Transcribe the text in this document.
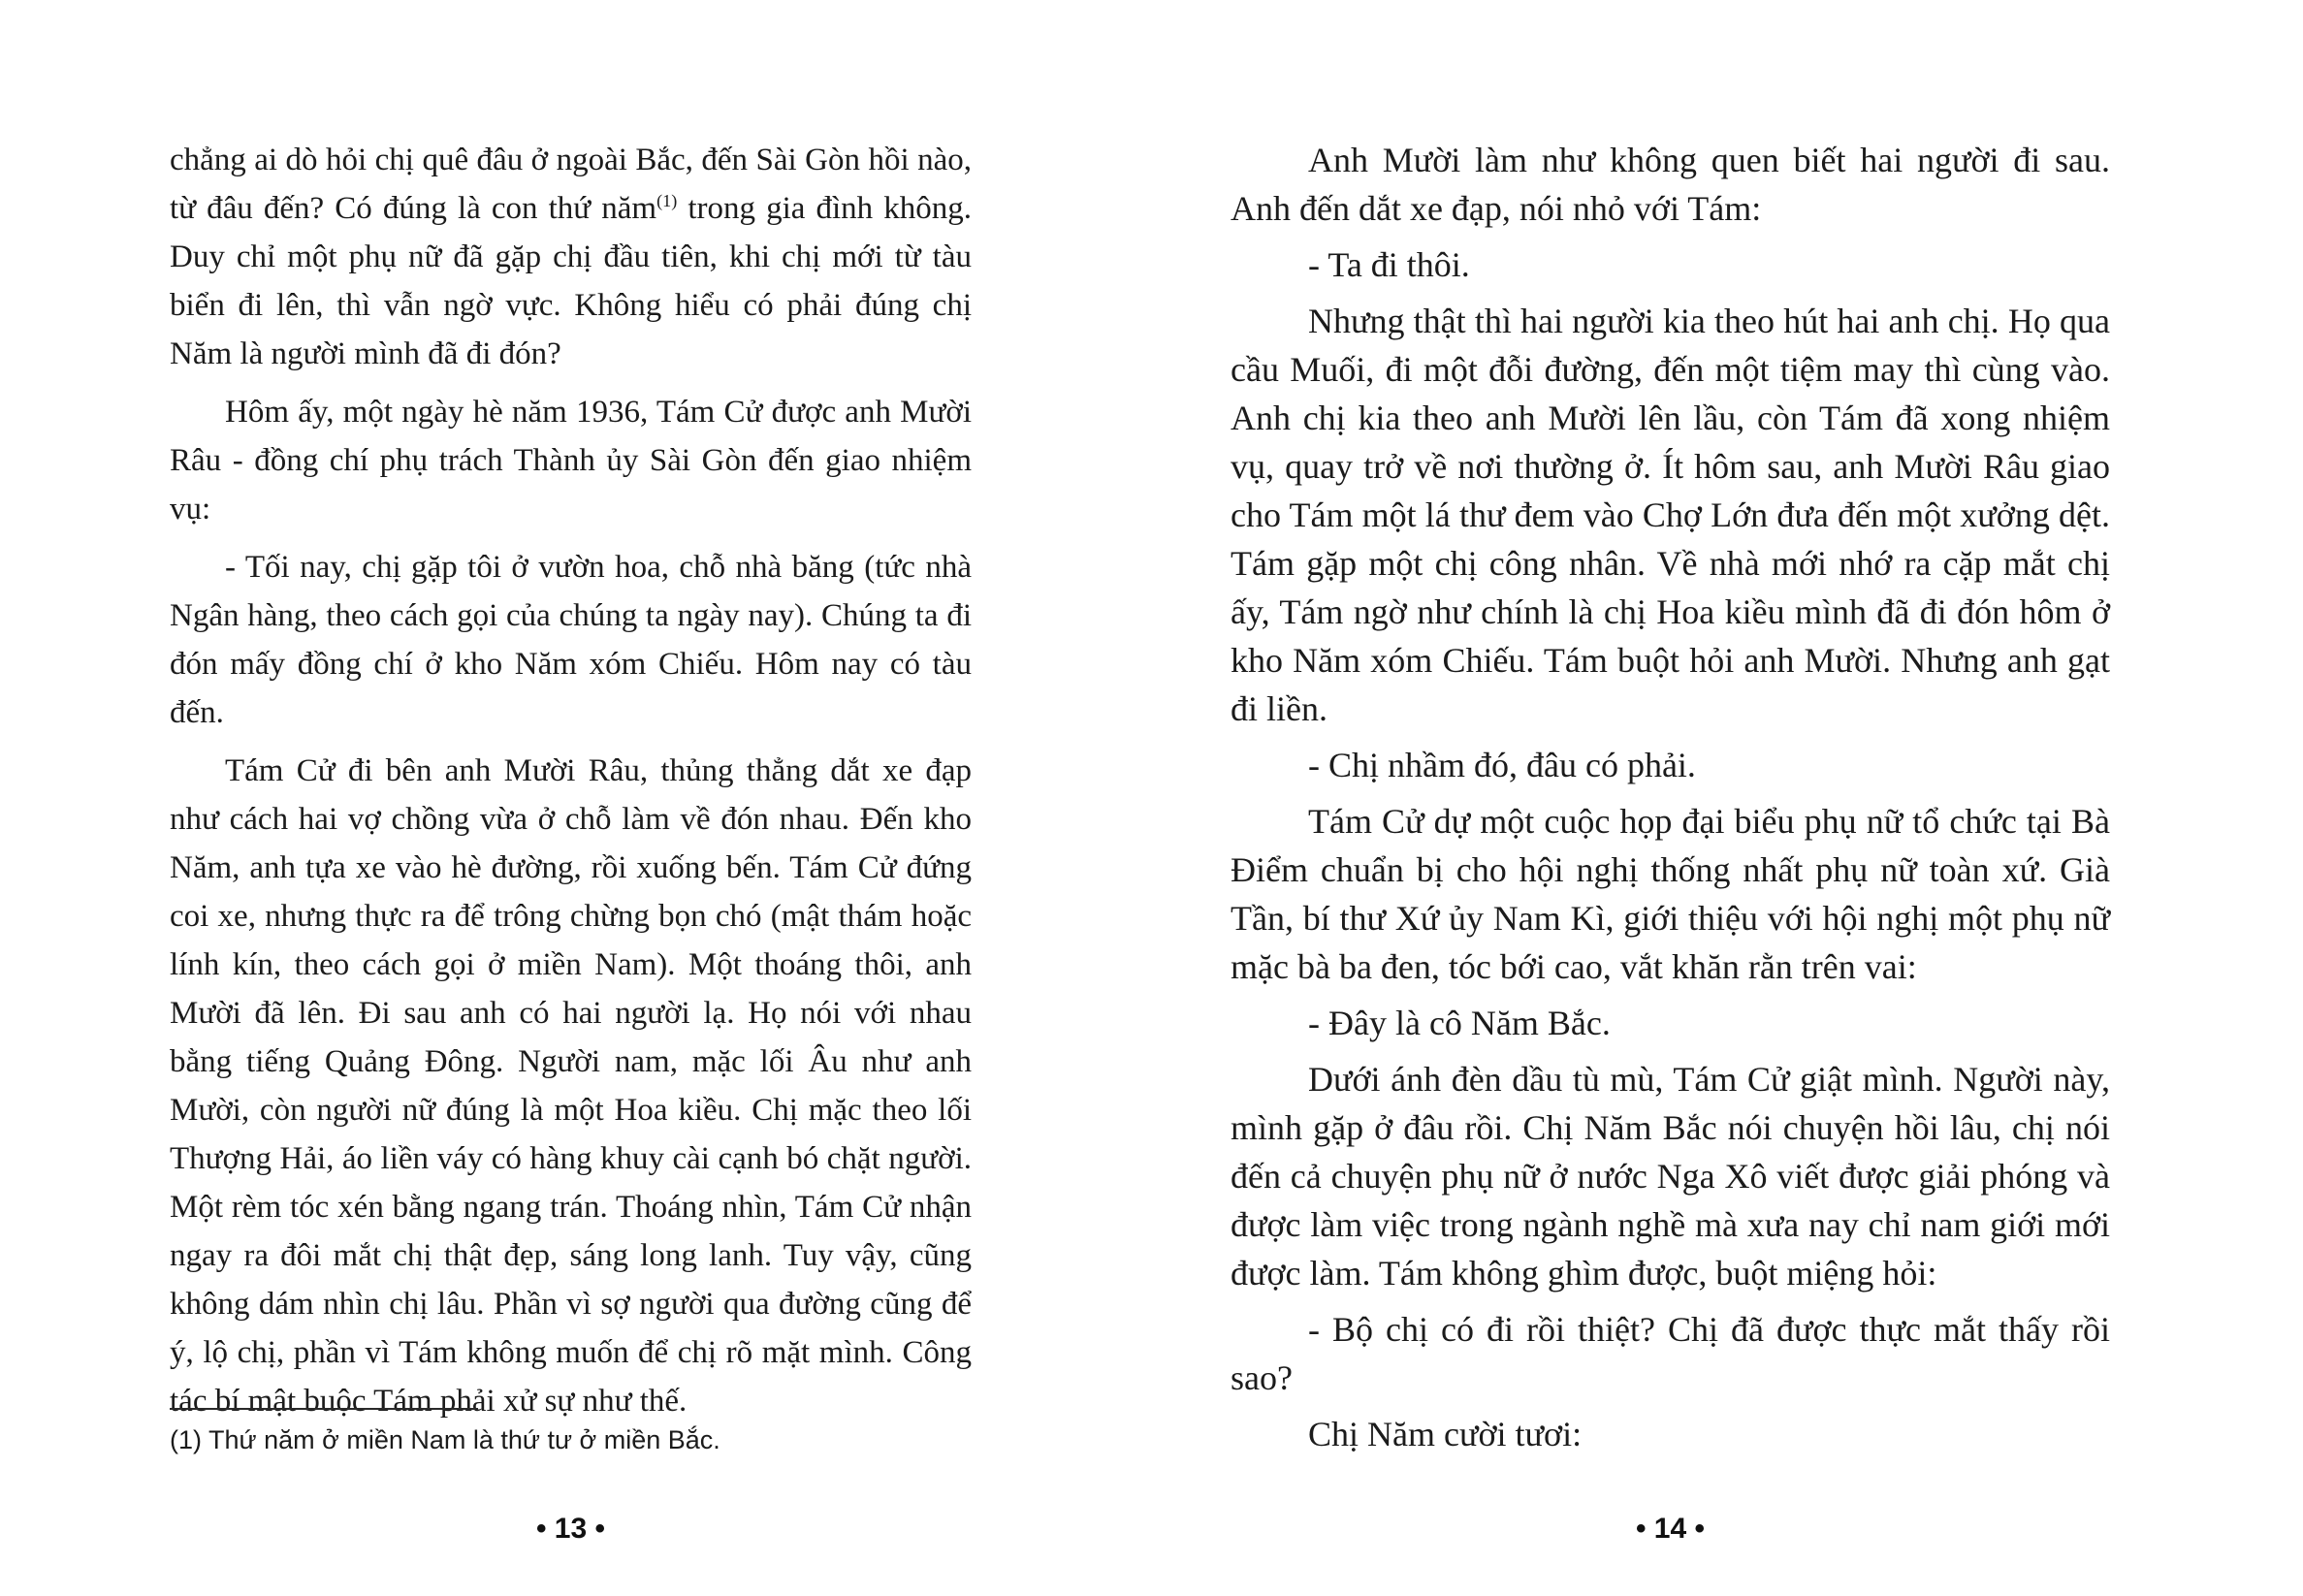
chẳng ai dò hỏi chị quê đâu ở ngoài Bắc, đến Sài Gòn hồi nào, từ đâu đến? Có đúng là con thứ năm$^{(1)}$ trong gia đình không. Duy chỉ một phụ nữ đã gặp chị đầu tiên, khi chị mới từ tàu biển đi lên, thì vẫn ngờ vực. Không hiểu có phải đúng chị Năm là người mình đã đi đón?

Hôm ấy, một ngày hè năm 1936, Tám Cử được anh Mười Râu - đồng chí phụ trách Thành ủy Sài Gòn đến giao nhiệm vụ:

- Tối nay, chị gặp tôi ở vườn hoa, chỗ nhà băng (tức nhà Ngân hàng, theo cách gọi của chúng ta ngày nay). Chúng ta đi đón mấy đồng chí ở kho Năm xóm Chiếu. Hôm nay có tàu đến.

Tám Cử đi bên anh Mười Râu, thủng thẳng dắt xe đạp như cách hai vợ chồng vừa ở chỗ làm về đón nhau. Đến kho Năm, anh tựa xe vào hè đường, rồi xuống bến. Tám Cử đứng coi xe, nhưng thực ra để trông chừng bọn chó (mật thám hoặc lính kín, theo cách gọi ở miền Nam). Một thoáng thôi, anh Mười đã lên. Đi sau anh có hai người lạ. Họ nói với nhau bằng tiếng Quảng Đông. Người nam, mặc lối Âu như anh Mười, còn người nữ đúng là một Hoa kiều. Chị mặc theo lối Thượng Hải, áo liền váy có hàng khuy cài cạnh bó chặt người. Một rèm tóc xén bằng ngang trán. Thoáng nhìn, Tám Cử nhận ngay ra đôi mắt chị thật đẹp, sáng long lanh. Tuy vậy, cũng không dám nhìn chị lâu. Phần vì sợ người qua đường cũng để ý, lộ chị, phần vì Tám không muốn để chị rõ mặt mình. Công tác bí mật buộc Tám phải xử sự như thế.

(1) Thứ năm ở miền Nam là thứ tư ở miền Bắc.
• 13 •

Anh Mười làm như không quen biết hai người đi sau. Anh đến dắt xe đạp, nói nhỏ với Tám:

- Ta đi thôi.

Nhưng thật thì hai người kia theo hút hai anh chị. Họ qua cầu Muối, đi một đỗi đường, đến một tiệm may thì cùng vào. Anh chị kia theo anh Mười lên lầu, còn Tám đã xong nhiệm vụ, quay trở về nơi thường ở. Ít hôm sau, anh Mười Râu giao cho Tám một lá thư đem vào Chợ Lớn đưa đến một xưởng dệt. Tám gặp một chị công nhân. Về nhà mới nhớ ra cặp mắt chị ấy, Tám ngờ như chính là chị Hoa kiều mình đã đi đón hôm ở kho Năm xóm Chiếu. Tám buột hỏi anh Mười. Nhưng anh gạt đi liền.

- Chị nhầm đó, đâu có phải.

Tám Cử dự một cuộc họp đại biểu phụ nữ tổ chức tại Bà Điểm chuẩn bị cho hội nghị thống nhất phụ nữ toàn xứ. Già Tần, bí thư Xứ ủy Nam Kì, giới thiệu với hội nghị một phụ nữ mặc bà ba đen, tóc bới cao, vắt khăn rằn trên vai:

- Đây là cô Năm Bắc.

Dưới ánh đèn dầu tù mù, Tám Cử giật mình. Người này, mình gặp ở đâu rồi. Chị Năm Bắc nói chuyện hồi lâu, chị nói đến cả chuyện phụ nữ ở nước Nga Xô viết được giải phóng và được làm việc trong ngành nghề mà xưa nay chỉ nam giới mới được làm. Tám không ghìm được, buột miệng hỏi:

- Bộ chị có đi rồi thiệt? Chị đã được thực mắt thấy rồi sao?

Chị Năm cười tươi:

• 14 •
